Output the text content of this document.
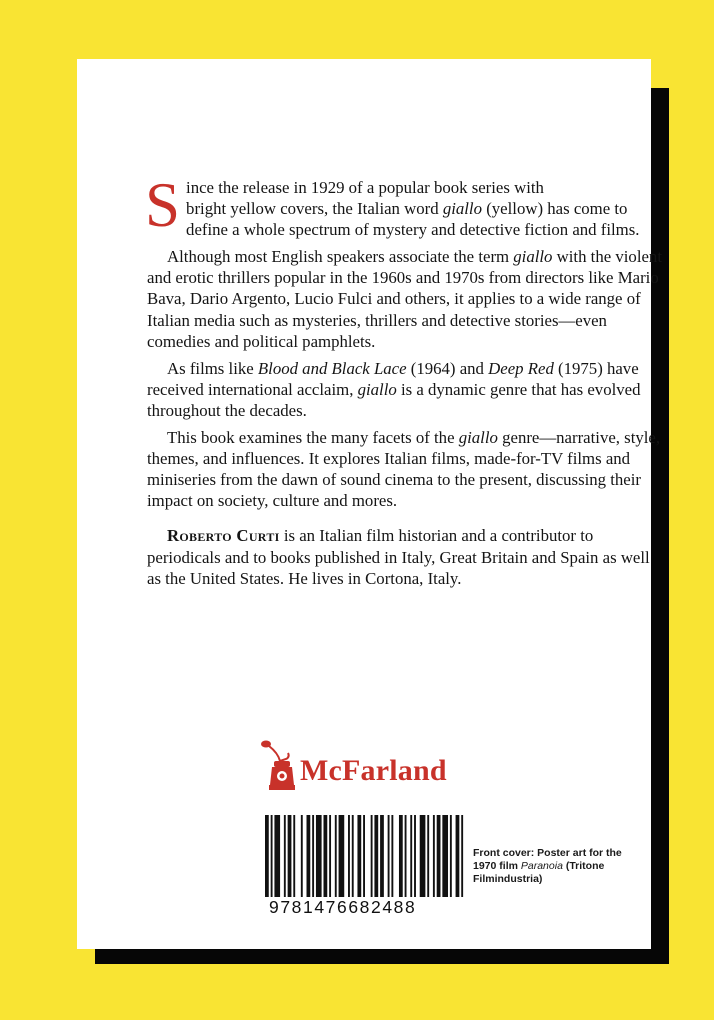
S ince the release in 1929 of a popular book series with
bright yellow covers, the Italian word giallo (yellow) has come to define a whole spectrum of mystery and detective fiction and films.

Although most English speakers associate the term giallo with the violent and erotic thrillers popular in the 1960s and 1970s from directors like Mario Bava, Dario Argento, Lucio Fulci and others, it applies to a wide range of Italian media such as mysteries, thrillers and detective stories—even comedies and political pamphlets.

As films like Blood and Black Lace (1964) and Deep Red (1975) have received international acclaim, giallo is a dynamic genre that has evolved throughout the decades.

This book examines the many facets of the giallo genre—narrative, style, themes, and influences. It explores Italian films, made-for-TV films and miniseries from the dawn of sound cinema to the present, discussing their impact on society, culture and mores.

Roberto Curti is an Italian film historian and a contributor to periodicals and to books published in Italy, Great Britain and Spain as well as the United States. He lives in Cortona, Italy.

McFarland
9781476682488
Front cover: Poster art for the 1970 film Paranoia (Tritone Filmindustria)
